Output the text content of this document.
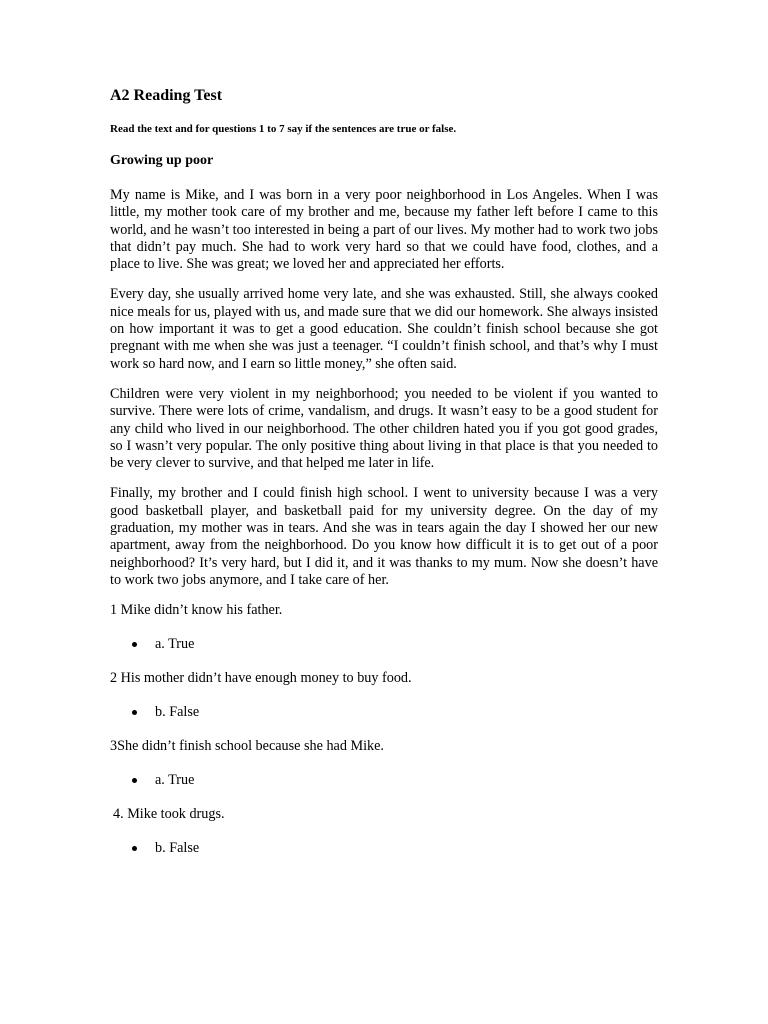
A2 Reading Test
Read the text and for questions 1 to 7 say if the sentences are true or false.
Growing up poor

My name is Mike, and I was born in a very poor neighborhood in Los Angeles. When I was little, my mother took care of my brother and me, because my father left before I came to this world, and he wasn’t too interested in being a part of our lives. My mother had to work two jobs that didn’t pay much. She had to work very hard so that we could have food, clothes, and a place to live. She was great; we loved her and appreciated her efforts.

Every day, she usually arrived home very late, and she was exhausted. Still, she always cooked nice meals for us, played with us, and made sure that we did our homework. She always insisted on how important it was to get a good education. She couldn’t finish school because she got pregnant with me when she was just a teenager. “I couldn’t finish school, and that’s why I must work so hard now, and I earn so little money,” she often said.

Children were very violent in my neighborhood; you needed to be violent if you wanted to survive. There were lots of crime, vandalism, and drugs. It wasn’t easy to be a good student for any child who lived in our neighborhood. The other children hated you if you got good grades, so I wasn’t very popular. The only positive thing about living in that place is that you needed to be very clever to survive, and that helped me later in life.

Finally, my brother and I could finish high school. I went to university because I was a very good basketball player, and basketball paid for my university degree. On the day of my graduation, my mother was in tears. And she was in tears again the day I showed her our new apartment, away from the neighborhood. Do you know how difficult it is to get out of a poor neighborhood? It’s very hard, but I did it, and it was thanks to my mum. Now she doesn’t have to work two jobs anymore, and I take care of her.

1 Mike didn’t know his father.
a. True
2 His mother didn’t have enough money to buy food.
b. False
3She didn’t finish school because she had Mike.
a. True
4. Mike took drugs.
b. False
